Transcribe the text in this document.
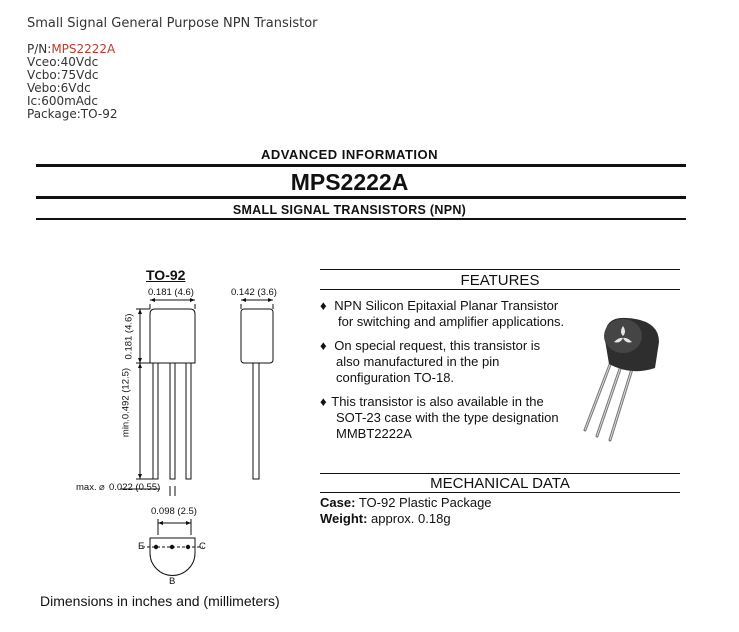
Small Signal General Purpose NPN Transistor
P/N:MPS2222A
Vceo:40Vdc
Vcbo:75Vdc
Vebo:6Vdc
Ic:600mAdc
Package:TO-92
ADVANCED INFORMATION
MPS2222A
SMALL SIGNAL TRANSISTORS (NPN)
TO-92
0.181 (4.6)	0.142 (3.6)
0.181 (4.6)
min.0.492 (12.5)
max. ⌀ 0.022 (0.55)
0.098 (2.5)
E	C
B
Dimensions in inches and (millimeters)
FEATURES
♦ NPN Silicon Epitaxial Planar Transistor
for switching and amplifier applications.
♦ On special request, this transistor is
also manufactured in the pin
configuration TO-18.
♦ This transistor is also available in the
SOT-23 case with the type designation
MMBT2222A
MECHANICAL DATA
Case: TO-92 Plastic Package
Weight: approx. 0.18g
